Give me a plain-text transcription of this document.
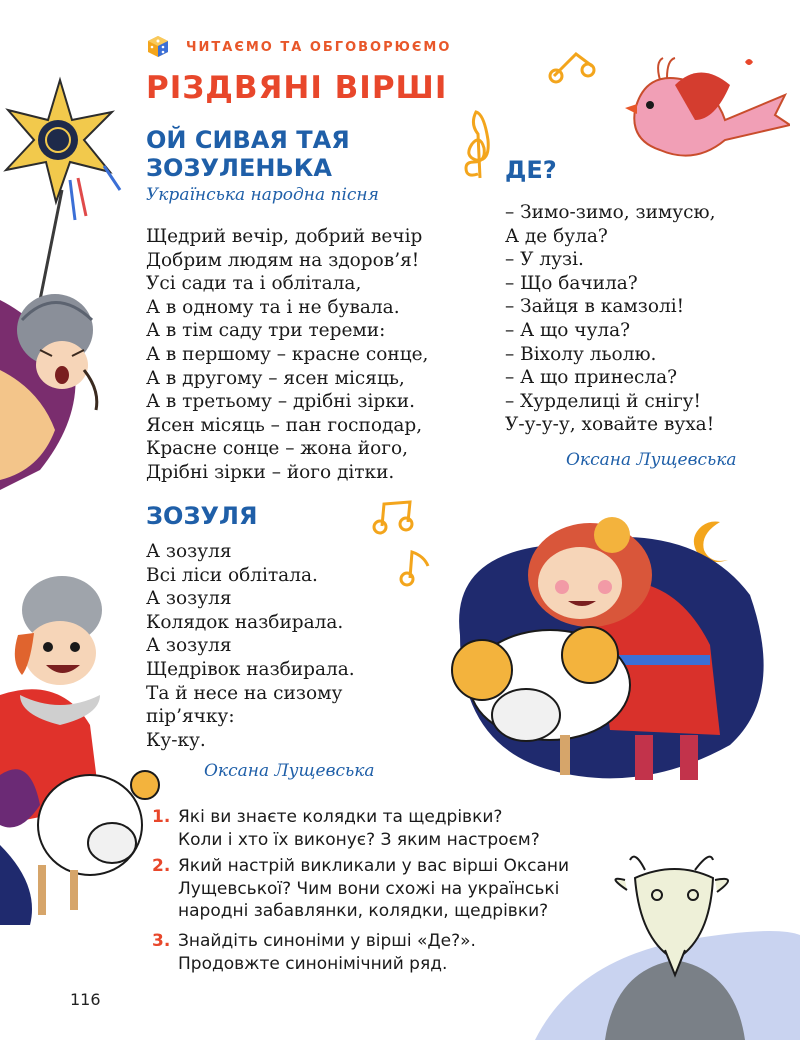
ЧИТАЄМО ТА ОБГОВОРЮЄМО
РІЗДВЯНІ ВІРШІ
ОЙ СИВАЯ ТАЯ
ЗОЗУЛЕНЬКА
Українська народна пісня
Щедрий вечір, добрий вечір
Добрим людям на здоров’я!
Усі сади та і облітала,
А в одному та і не бувала.
А в тім саду три тереми:
А в першому – красне сонце,
А в другому – ясен місяць,
А в третьому – дрібні зірки.
Ясен місяць – пан господар,
Красне сонце – жона його,
Дрібні зірки – його дітки.
ДЕ?
– Зимо-зимо, зимусю,
А де була?
– У лузі.
– Що бачила?
– Зайця в камзолі!
– А що чула?
– Віхолу льолю.
– А що принесла?
– Хурделиці й снігу!
У-у-у-у, ховайте вуха!
Оксана Лущевська
ЗОЗУЛЯ
А зозуля
Всі ліси облітала.
А зозуля
Колядок назбирала.
А зозуля
Щедрівок назбирала.
Та й несе на сизому
пір’ячку:
Ку-ку.
Оксана Лущевська
1. Які ви знаєте колядки та щедрівки?
Коли і хто їх виконує? З яким настроєм?
2. Який настрій викликали у вас вірші Оксани
Лущевської? Чим вони схожі на українські
народні забавлянки, колядки, щедрівки?
3. Знайдіть синоніми у вірші «Де?».
Продовжте синонімічний ряд.
116
